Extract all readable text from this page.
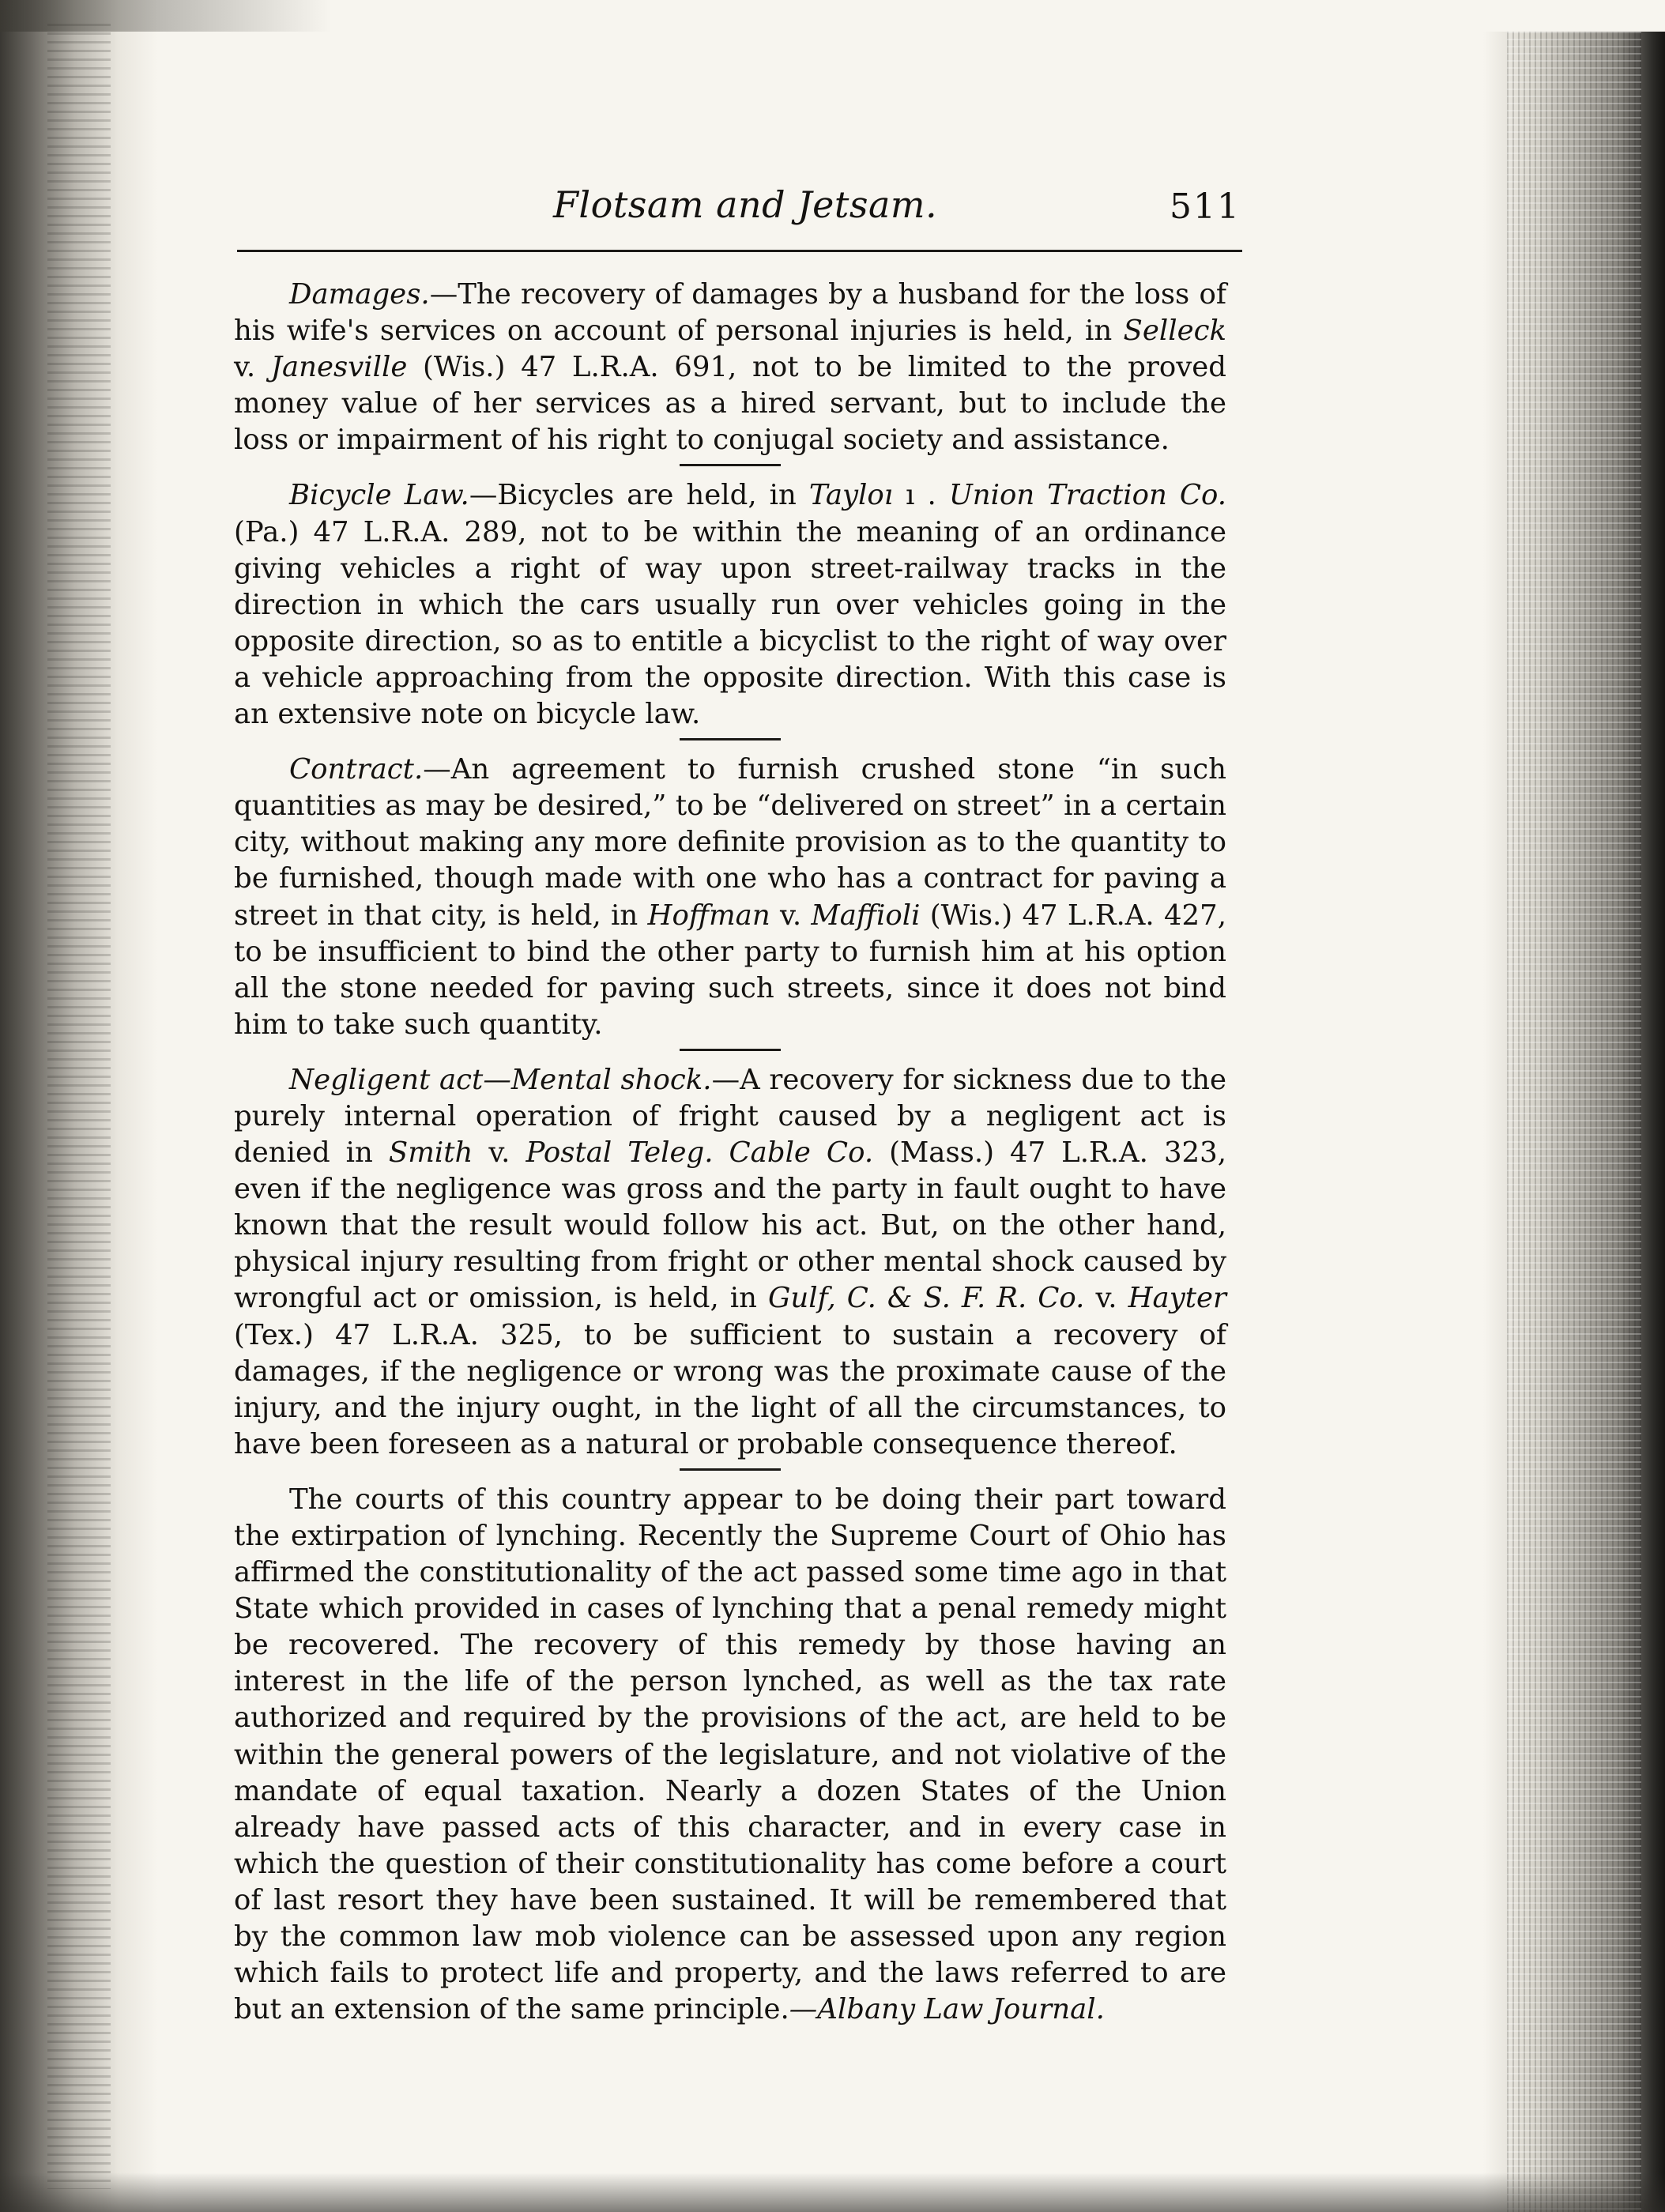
Flotsam and Jetsam.	511

Damages.—The recovery of damages by a husband for the loss of his wife's services on account of personal injuries is held, in Selleck v. Janesville (Wis.) 47 L.R.A. 691, not to be limited to the proved money value of her services as a hired servant, but to include the loss or impairment of his right to conjugal society and assistance.

Bicycle Law.—Bicycles are held, in Tayloı ı . Union Traction Co. (Pa.) 47 L.R.A. 289, not to be within the meaning of an ordinance giving vehicles a right of way upon street-railway tracks in the direction in which the cars usually run over vehicles going in the opposite direction, so as to entitle a bicyclist to the right of way over a vehicle approaching from the opposite direction. With this case is an extensive note on bicycle law.

Contract.—An agreement to furnish crushed stone “in such quantities as may be desired,” to be “delivered on street” in a certain city, without making any more definite provision as to the quantity to be furnished, though made with one who has a contract for paving a street in that city, is held, in Hoffman v. Maffioli (Wis.) 47 L.R.A. 427, to be insufficient to bind the other party to furnish him at his option all the stone needed for paving such streets, since it does not bind him to take such quantity.

Negligent act—Mental shock.—A recovery for sickness due to the purely internal operation of fright caused by a negligent act is denied in Smith v. Postal Teleg. Cable Co. (Mass.) 47 L.R.A. 323, even if the negligence was gross and the party in fault ought to have known that the result would follow his act. But, on the other hand, physical injury resulting from fright or other mental shock caused by wrongful act or omission, is held, in Gulf, C. & S. F. R. Co. v. Hayter (Tex.) 47 L.R.A. 325, to be sufficient to sustain a recovery of damages, if the negligence or wrong was the proximate cause of the injury, and the injury ought, in the light of all the circumstances, to have been foreseen as a natural or probable consequence thereof.

The courts of this country appear to be doing their part toward the extirpation of lynching. Recently the Supreme Court of Ohio has affirmed the constitutionality of the act passed some time ago in that State which provided in cases of lynching that a penal remedy might be recovered. The recovery of this remedy by those having an interest in the life of the person lynched, as well as the tax rate authorized and required by the provisions of the act, are held to be within the general powers of the legislature, and not violative of the mandate of equal taxation. Nearly a dozen States of the Union already have passed acts of this character, and in every case in which the question of their constitutionality has come before a court of last resort they have been sustained. It will be remembered that by the common law mob violence can be assessed upon any region which fails to protect life and property, and the laws referred to are but an extension of the same principle.—Albany Law Journal.
